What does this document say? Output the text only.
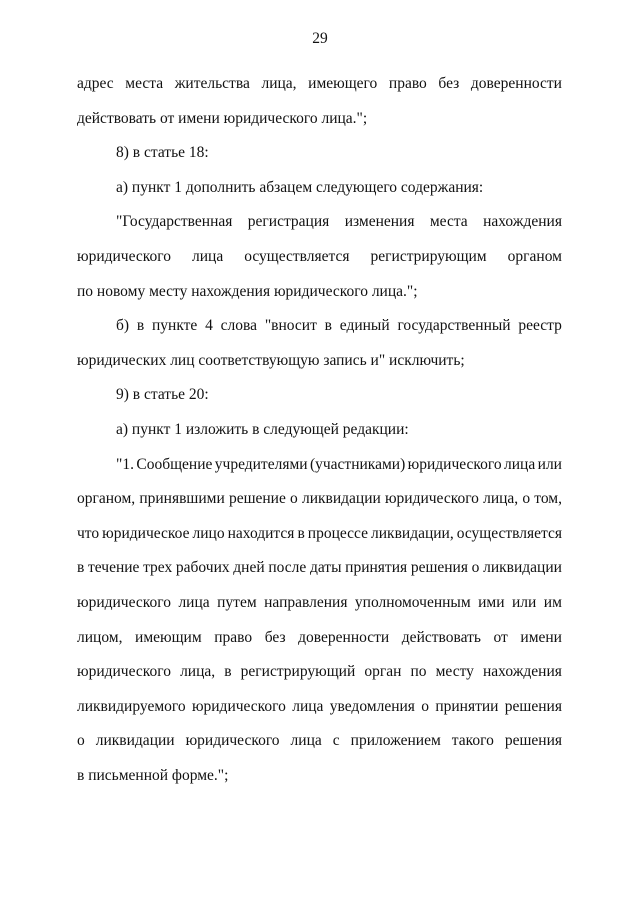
29
адрес места жительства лица, имеющего право без доверенности
действовать от имени юридического лица.";
8) в статье 18:
а) пункт 1 дополнить абзацем следующего содержания:
"Государственная регистрация изменения места нахождения
юридического лица осуществляется регистрирующим органом
по новому месту нахождения юридического лица.";
б) в пункте 4 слова "вносит в единый государственный реестр
юридических лиц соответствующую запись и" исключить;
9) в статье 20:
а) пункт 1 изложить в следующей редакции:
"1. Сообщение учредителями (участниками) юридического лица или
органом, принявшими решение о ликвидации юридического лица, о том,
что юридическое лицо находится в процессе ликвидации, осуществляется
в течение трех рабочих дней после даты принятия решения о ликвидации
юридического лица путем направления уполномоченным ими или им
лицом, имеющим право без доверенности действовать от имени
юридического лица, в регистрирующий орган по месту нахождения
ликвидируемого юридического лица уведомления о принятии решения
о ликвидации юридического лица с приложением такого решения
в письменной форме.";
